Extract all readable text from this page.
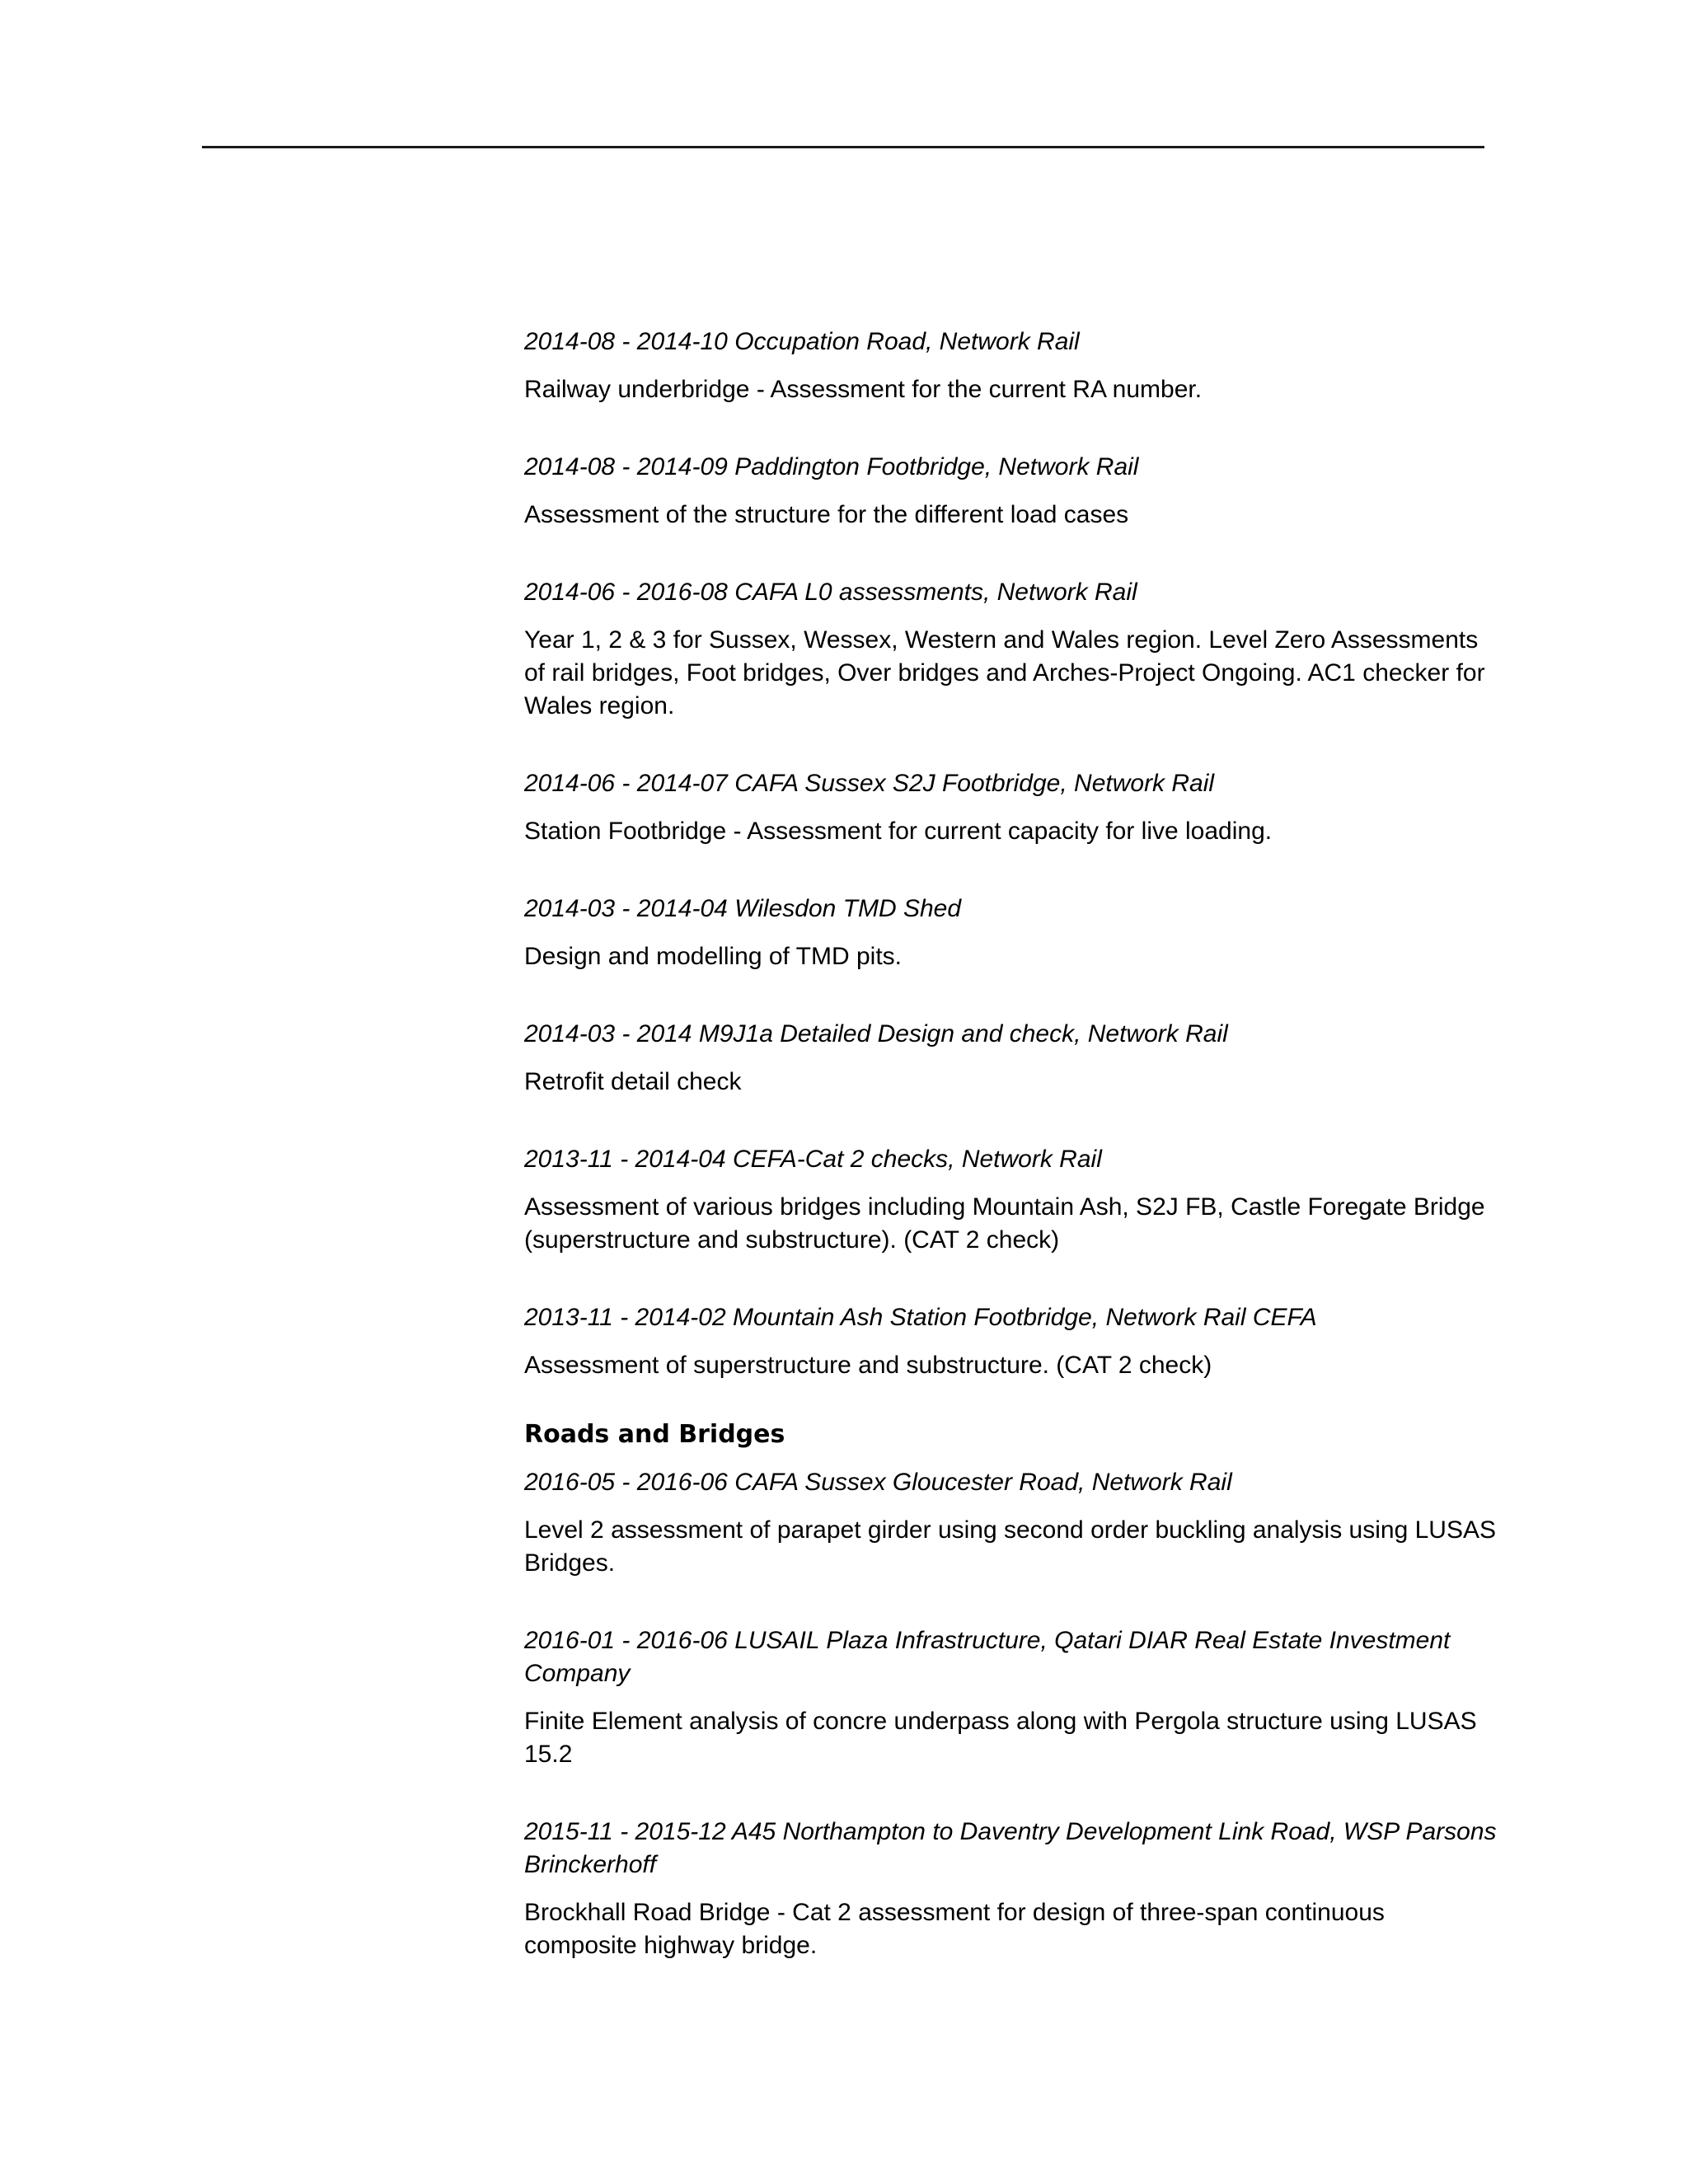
2014-08 - 2014-10 Occupation Road, Network Rail

Railway underbridge - Assessment for the current RA number.

2014-08 - 2014-09 Paddington Footbridge, Network Rail

Assessment of the structure for the different load cases

2014-06 - 2016-08 CAFA L0 assessments, Network Rail

Year 1, 2 & 3 for Sussex, Wessex, Western and Wales region. Level Zero Assessments of rail bridges, Foot bridges, Over bridges and Arches-Project Ongoing. AC1 checker for Wales region.

2014-06 - 2014-07 CAFA Sussex S2J Footbridge, Network Rail

Station Footbridge - Assessment for current capacity for live loading.

2014-03 - 2014-04 Wilesdon TMD Shed

Design and modelling of TMD pits.

2014-03 - 2014 M9J1a Detailed Design and check, Network Rail

Retrofit detail check

2013-11 - 2014-04 CEFA-Cat 2 checks, Network Rail

Assessment of various bridges including Mountain Ash, S2J FB, Castle Foregate Bridge (superstructure and substructure). (CAT 2 check)

2013-11 - 2014-02 Mountain Ash Station Footbridge, Network Rail CEFA

Assessment of superstructure and substructure. (CAT 2 check)

Roads and Bridges

2016-05 - 2016-06 CAFA Sussex Gloucester Road, Network Rail

Level 2 assessment of parapet girder using second order buckling analysis using LUSAS Bridges.

2016-01 - 2016-06 LUSAIL Plaza Infrastructure, Qatari DIAR Real Estate Investment Company

Finite Element analysis of concre underpass along with Pergola structure using LUSAS 15.2

2015-11 - 2015-12 A45 Northampton to Daventry Development Link Road, WSP Parsons Brinckerhoff

Brockhall Road Bridge - Cat 2 assessment for design of three-span continuous composite highway bridge.
